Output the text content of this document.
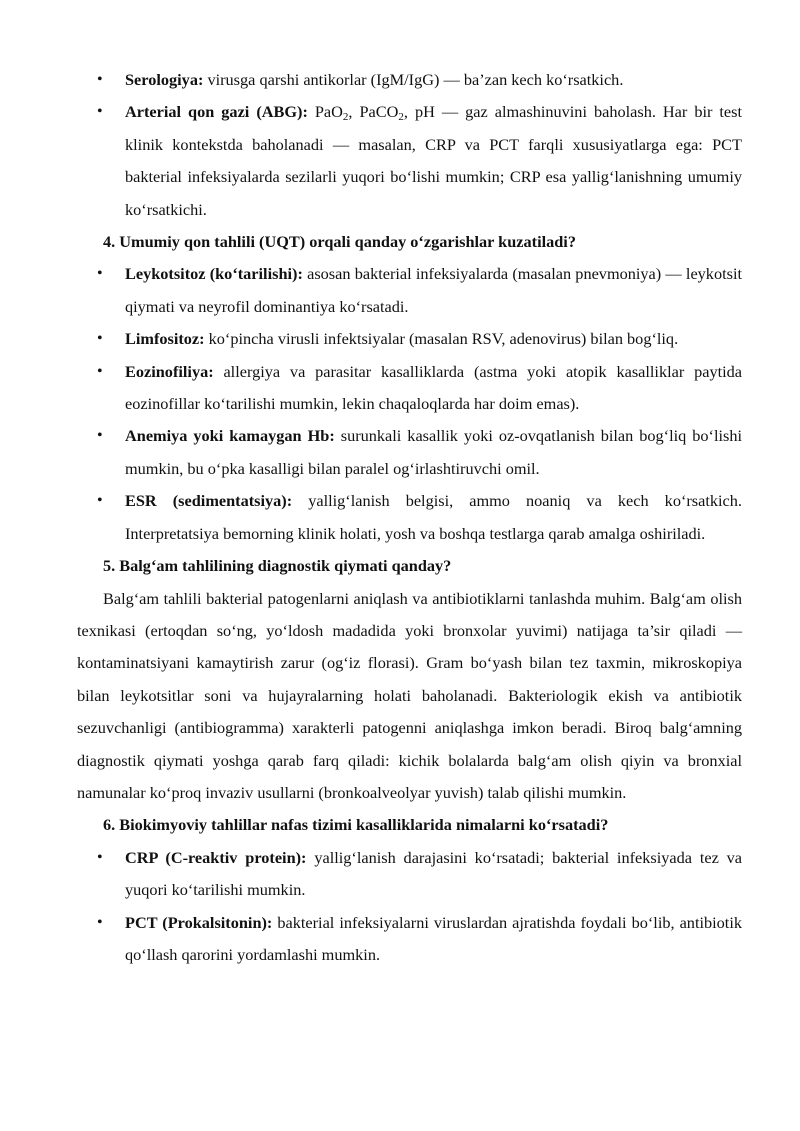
• Serologiya: virusga qarshi antikorlar (IgM/IgG) — ba’zan kech ko‘rsatkich.
• Arterial qon gazi (ABG): PaO$_2$, PaCO$_2$, pH — gaz almashinuvini baholash. Har bir test klinik kontekstda baholanadi — masalan, CRP va PCT farqli xususiyatlarga ega: PCT bakterial infeksiyalarda sezilarli yuqori bo‘lishi mumkin; CRP esa yallig‘lanishning umumiy ko‘rsatkichi.
4. Umumiy qon tahlili (UQT) orqali qanday o‘zgarishlar kuzatiladi?
• Leykotsitoz (ko‘tarilishi): asosan bakterial infeksiyalarda (masalan pnevmoniya) — leykotsit qiymati va neyrofil dominantiya ko‘rsatadi.
• Limfositoz: ko‘pincha virusli infektsiyalar (masalan RSV, adenovirus) bilan bog‘liq.
• Eozinofiliya: allergiya va parasitar kasalliklarda (astma yoki atopik kasalliklar paytida eozinofillar ko‘tarilishi mumkin, lekin chaqaloqlarda har doim emas).
• Anemiya yoki kamaygan Hb: surunkali kasallik yoki oz-ovqatlanish bilan bog‘liq bo‘lishi mumkin, bu o‘pka kasalligi bilan paralel og‘irlashtiruvchi omil.
• ESR (sedimentatsiya): yallig‘lanish belgisi, ammo noaniq va kech ko‘rsatkich. Interpretatsiya bemorning klinik holati, yosh va boshqa testlarga qarab amalga oshiriladi.
5. Balg‘am tahlilining diagnostik qiymati qanday?
Balg‘am tahlili bakterial patogenlarni aniqlash va antibiotiklarni tanlashda muhim. Balg‘am olish texnikasi (ertoqdan so‘ng, yo‘ldosh madadida yoki bronxolar yuvimi) natijaga ta’sir qiladi — kontaminatsiyani kamaytirish zarur (og‘iz florasi). Gram bo‘yash bilan tez taxmin, mikroskopiya bilan leykotsitlar soni va hujayralarning holati baholanadi. Bakteriologik ekish va antibiotik sezuvchanligi (antibiogramma) xarakterli patogenni aniqlashga imkon beradi. Biroq balg‘amning diagnostik qiymati yoshga qarab farq qiladi: kichik bolalarda balg‘am olish qiyin va bronxial namunalar ko‘proq invaziv usullarni (bronkoalveolyar yuvish) talab qilishi mumkin.
6. Biokimyoviy tahlillar nafas tizimi kasalliklarida nimalarni ko‘rsatadi?
• CRP (C-reaktiv protein): yallig‘lanish darajasini ko‘rsatadi; bakterial infeksiyada tez va yuqori ko‘tarilishi mumkin.
• PCT (Prokalsitonin): bakterial infeksiyalarni viruslardan ajratishda foydali bo‘lib, antibiotik qo‘llash qarorini yordamlashi mumkin.
